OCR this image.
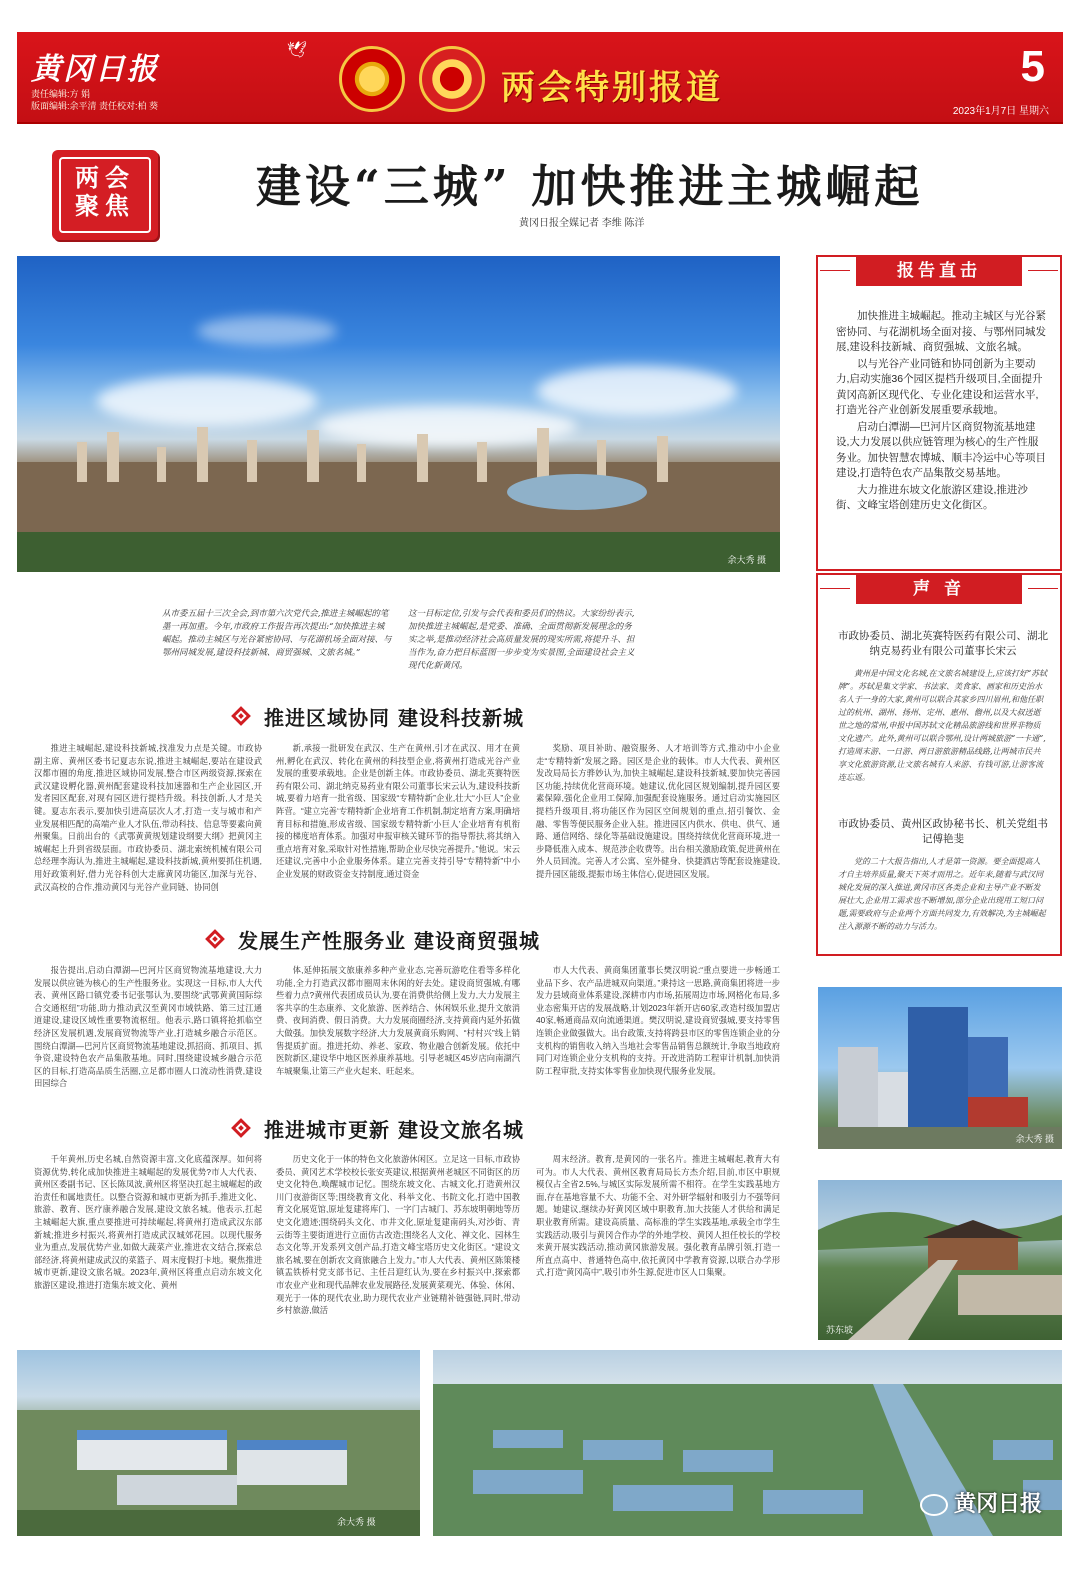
黄冈日报
责任编辑:方 娟
版面编辑:余平清 责任校对:柏 葵
🕊
两会特别报道	5
2023年1月7日 星期六
两会聚焦	建设“三城” 加快推进主城崛起
黄冈日报全媒记者 李维 陈洋
余大秀 摄
报告直击

加快推进主城崛起。推动主城区与光谷紧密协同、与花湖机场全面对接、与鄂州同城发展,建设科技新城、商贸强城、文旅名城。

以与光谷产业同链和协同创新为主要动力,启动实施36个园区提档升级项目,全面提升黄冈高新区现代化、专业化建设和运营水平,打造光谷产业创新发展重要承载地。

启动白潭湖—巴河片区商贸物流基地建设,大力发展以供应链管理为核心的生产性服务业。加快智慧农博城、顺丰冷运中心等项目建设,打造特色农产品集散交易基地。

大力推进东坡文化旅游区建设,推进沙街、文峰宝塔创建历史文化街区。

声 音
市政协委员、湖北英赛特医药有限公司、湖北纳克易药业有限公司董事长宋云
黄州是中国文化名城,在文旅名城建设上,应该打好“苏轼牌”。苏轼是集文学家、书法家、美食家、画家和历史治水名人于一身的大家,黄州可以联合其家乡四川眉州,和他任职过的杭州、湖州、扬州、定州、惠州、儋州,以及大叔送逝世之地的常州,申报中国苏轼文化精品旅游线和世界非物质文化遗产。此外,黄州可以联合鄂州,设计两城旅游“一卡通”,打造周末游、一日游、两日游旅游精品线路,让两城市民共享文化旅游资源,让文旅名城有人来游、有钱可游,让游客流连忘返。
市政协委员、黄州区政协秘书长、机关党组书记傅艳斐
党的二十大报告指出,人才是第一资源。要全面提高人才自主培养质量,聚天下英才而用之。近年来,随着与武汉同城化发展的深入推进,黄冈市区各类企业和主导产业不断发展壮大,企业用工需求也不断增加,部分企业出现用工短口问题,需要政府与企业两个方面共同发力,有效解决,为主城崛起注入源源不断的动力与活力。
从市委五届十三次全会,到市第六次党代会,推进主城崛起的笔墨一再加重。今年,市政府工作报告再次提出:“加快推进主城崛起。推动主城区与光谷紧密协同、与花湖机场全面对接、与鄂州同城发展,建设科技新城、商贸强城、文旅名城。”
这一目标定位,引发与会代表和委员们的热议。大家纷纷表示,加快推进主城崛起,是党委、准确、全面贯彻新发展理念的务实之举,是推动经济社会高质量发展的现实所需,将提升斗、担当作为,奋力把目标蓝图一步步变为实景图,全面建设社会主义现代化新黄冈。
推进区域协同 建设科技新城

推进主城崛起,建设科技新城,找准发力点是关键。市政协副主席、黄州区委书记夏志东说,推进主城崛起,要站在建设武汉都市圈的角度,推进区域协同发展,整合市区两级资源,探索在武汉建设孵化器,黄州配套建设科技加速器和生产企业园区,开发者园区配套,对现有园区进行提档升级。科技创新,人才是关键。夏志东表示,要加快引进高层次人才,打造一支与城市和产业发展相匹配的高端产业人才队伍,带动科技、信息等要素向黄州聚集。日前出台的《武鄂黄黄规划建设纲要大纲》把黄冈主城崛起上升到省级层面。市政协委员、湖北索统机械有限公司总经理李海认为,推进主城崛起,建设科技新城,黄州要抓住机遇,用好政策利好,借力光谷科创大走廊黄冈功能区,加深与光谷、武汉高校的合作,推动黄冈与光谷产业同链、协同创

新,承接一批研发在武汉、生产在黄州,引才在武汉、用才在黄州,孵化在武汉、转化在黄州的科技型企业,将黄州打造成光谷产业发展的重要承载地。企业是创新主体。市政协委员、湖北英赛特医药有限公司、湖北纳克易药业有限公司董事长宋云认为,建设科技新城,要着力培育一批省级、国家级“专精特新”企业,壮大“小巨人”企业阵营。“建立完善‘专精特新’企业培育工作机制,制定培育方案,明确培育目标和措施,形成省级、国家级专精特新‘小巨人’企业培育有机衔接的梯度培育体系。加强对申报审核关键环节的指导帮扶,将其纳入重点培育对象,采取针对性措施,帮助企业尽快完善提升。”他说。宋云还建议,完善中小企业服务体系。建立完善支持引导“专精特新”中小企业发展的财政资金支持制度,通过资金

奖励、项目补助、融资服务、人才培训等方式,推动中小企业走“专精特新”发展之路。园区是企业的载体。市人大代表、黄州区发改局局长方骅妙认为,加快主城崛起,建设科技新城,要加快完善园区功能,持续优化营商环境。她建议,优化园区规划编制,提升园区要素保障,强化企业用工保障,加强配套设施服务。通过启动实施园区提档升级项目,将功能区作为园区空间规划的重点,招引餐饮、金融、零售等便民服务企业入驻。推进园区内供水、供电、供气、通路、通信网络、绿化等基础设施建设。围绕持续优化营商环境,进一步降低准入成本、规范涉企收费等。出台相关激励政策,促进黄州在外人员回流。完善人才公寓、室外健身、快捷酒店等配套设施建设,提升园区能级,提振市场主体信心,促进园区发展。

发展生产性服务业 建设商贸强城

报告提出,启动白潭湖—巴河片区商贸物流基地建设,大力发展以供应链为核心的生产性服务业。实现这一目标,市人大代表、黄州区路口镇党委书记张鄂认为,要围绕“武鄂黄黄国际综合交通枢纽”功能,助力推动武汉至黄冈市域铁路、第三过江通道建设,建设区域性重要物流枢纽。他表示,路口镇将抢抓临空经济区发展机遇,发展商贸物流等产业,打造城乡融合示范区。围绕白潭湖—巴河片区商贸物流基地建设,抓招商、抓项目、抓争资,建设特色农产品集散基地。同时,围绕建设城乡融合示范区的目标,打造高品质生活圈,立足都市圈人口流动性消费,建设田园综合

体,延伸拓展文旅康养多种产业业态,完善玩游吃住看等多样化功能,全力打造武汉都市圈周末休闲的好去处。建设商贸强城,有哪些着力点?黄州代表团成员认为,要在消费供给侧上发力,大力发展主客共享的生态康养、文化旅游、医养结合、休闲娱乐业,提升文旅消费、夜间消费、假日消费。大力发展商圈经济,支持黄商内延外拓做大做强。加快发展数字经济,大力发展黄商乐购网、“村村兴”线上销售提质扩面。推进托幼、养老、家政、物业融合创新发展。依托中医院新区,建设华中地区医养康养基地。引导老城区45岁店向南湖汽车城聚集,让第三产业火起来、旺起来。

市人大代表、黄商集团董事长樊汉明说:“重点要进一步畅通工业品下乡、农产品进城双向渠道。”秉持这一思路,黄商集团将进一步发力县域商业体系建设,深耕市内市场,拓展周边市场,网格化布局,多业态密集开店的发展战略,计划2023年新开店60家,改造村级加盟店40家,畅通商品双向流通渠道。樊汉明说,建设商贸强城,要支持零售连锁企业做强做大。出台政策,支持将跨县市区的零售连锁企业的分支机构的销售收入纳入当地社会零售品销售总额统计,争取当地政府同门对连锁企业分支机构的支持。开改进消防工程审计机制,加快消防工程审批,支持实体零售业加快现代服务业发展。

推进城市更新 建设文旅名城

千年黄州,历史名城,自然资源丰富,文化底蕴深厚。如何将资源优势,转化成加快推进主城崛起的发展优势?市人大代表、黄州区委副书记、区长陈凤波,黄州区将坚决扛起主城崛起的政治责任和属地责任。以整合资源和城市更新为抓手,推进文化、旅游、教育、医疗康养融合发展,建设文旅名城。他表示,扛起主城崛起大旗,重点要推进可持续崛起,将黄州打造成武汉东部新城;推进乡村振兴,将黄州打造成武汉城郊花园。以现代服务业为重点,发展优势产业,如做大蔬菜产业,推进农文结合,探索总部经济,将黄州建成武汉的菜篮子、周末度假打卡地。聚焦推进城市更新,建设文旅名城。2023年,黄州区将重点启动东坡文化旅游区建设,推进打造集东坡文化、黄州

历史文化于一体的特色文化旅游休闲区。立足这一目标,市政协委员、黄冈艺术学校校长张安英建议,根据黄州老城区不同街区的历史文化特色,唤醒城市记忆。围绕东坡文化、古城文化,打造黄州汉川门夜游街区等;围绕教育文化、科举文化、书院文化,打造中国教育文化展览馆,原址复建将库门、一字门古城门、苏东坡明朝地等历史文化遗迹;围绕码头文化、市井文化,原址复建南码头,对沙街、青云街等主要街道进行立面仿古改造;围绕名人文化、禅文化、园林生态文化等,开发系列文创产品,打造文峰宝塔历史文化街区。“建设文旅名城,要在创新农文商旅融合上发力。”市人大代表、黄州区陈策楼镇盂铁桥村党支部书记、主任吕迎红认为,要在乡村振兴中,探索都市农业产业和现代品牌农业发展路径,发展黄菜观光、体验、休闲、观光于一体的现代农业,助力现代农业产业链精补链强链,同时,带动乡村旅游,做活

周末经济。教育,是黄冈的一张名片。推进主城崛起,教育大有可为。市人大代表、黄州区教育局局长方杰介绍,目前,市区中职规模仅占全省2.5%,与城区实际发展所需不相符。在学生实践基地方面,存在基地容量不大、功能不全、对外研学辐射和吸引力不强等问题。她建议,继续办好黄冈区域中职教育,加大技能人才供给和满足职业教育所需。建设高质量、高标准的学生实践基地,承载全市学生实践活动,吸引与黄冈合作办学的外地学校、黄冈人担任校长的学校来黄开展实践活动,推动黄冈旅游发展。强化教育品牌引领,打造一所直点高中、普通特色高中,依托黄冈中学教育资源,以联合办学形式,打造“黄冈高中”,吸引市外生源,促进市区人口集聚。

余大秀 摄
苏东坡
余大秀 摄
黄冈日报
